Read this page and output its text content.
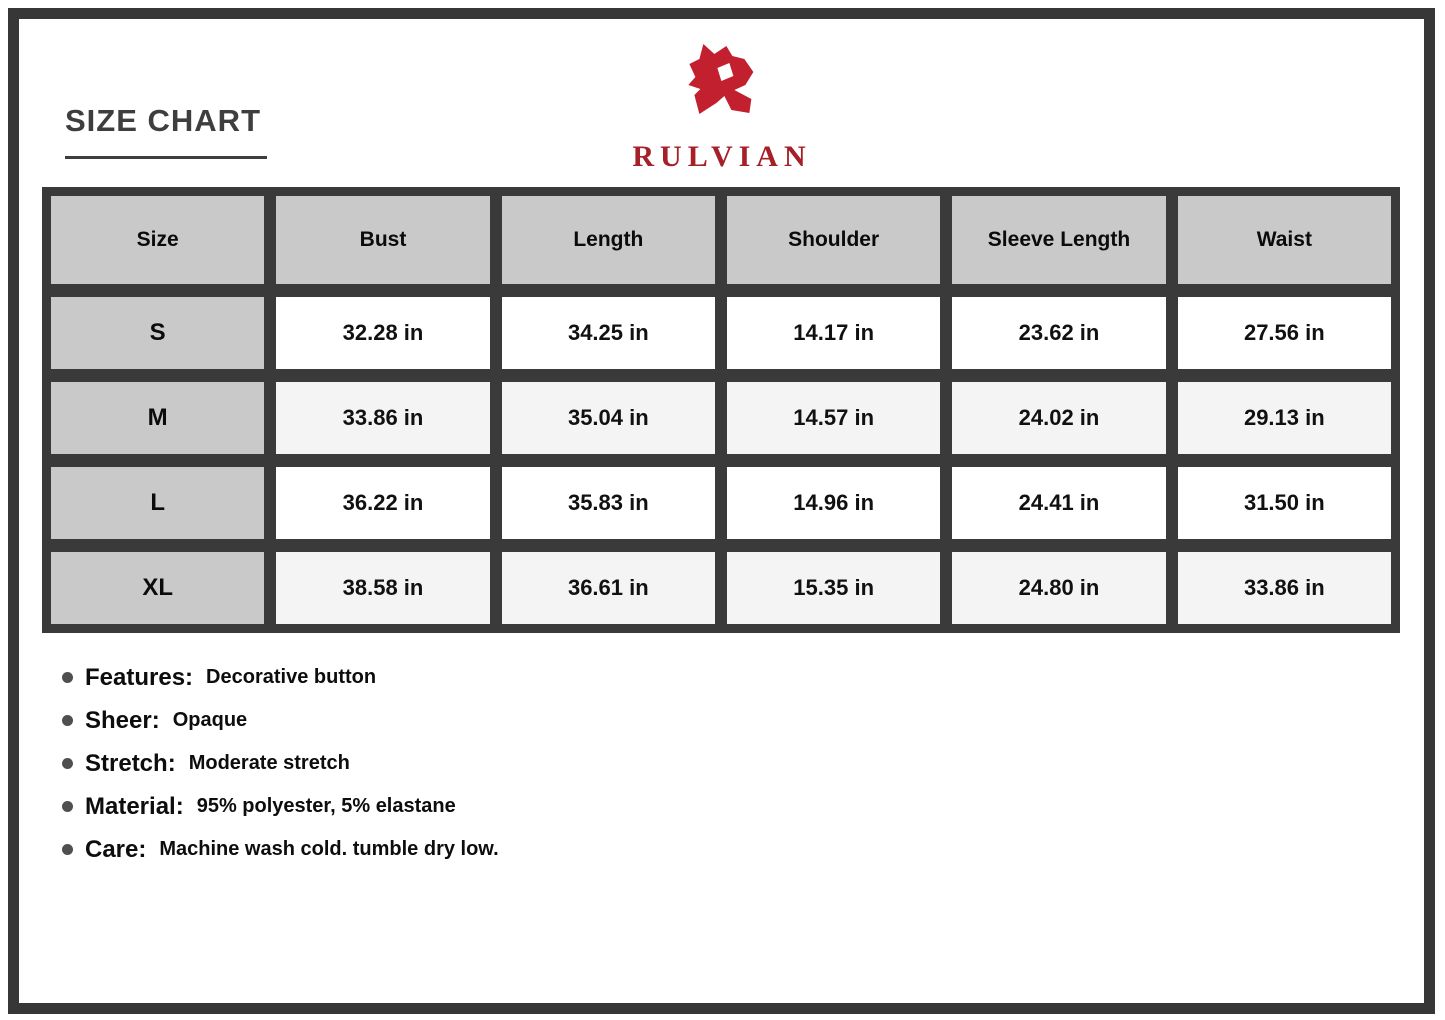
SIZE CHART
RULVIAN
Size	Bust	Length	Shoulder	Sleeve Length	Waist
S	32.28 in	34.25 in	14.17 in	23.62 in	27.56 in
M	33.86 in	35.04 in	14.57 in	24.02 in	29.13 in
L	36.22 in	35.83 in	14.96 in	24.41 in	31.50 in
XL	38.58 in	36.61 in	15.35 in	24.80 in	33.86 in
Features: Decorative button
Sheer: Opaque
Stretch: Moderate stretch
Material: 95% polyester, 5% elastane
Care: Machine wash cold. tumble dry low.
